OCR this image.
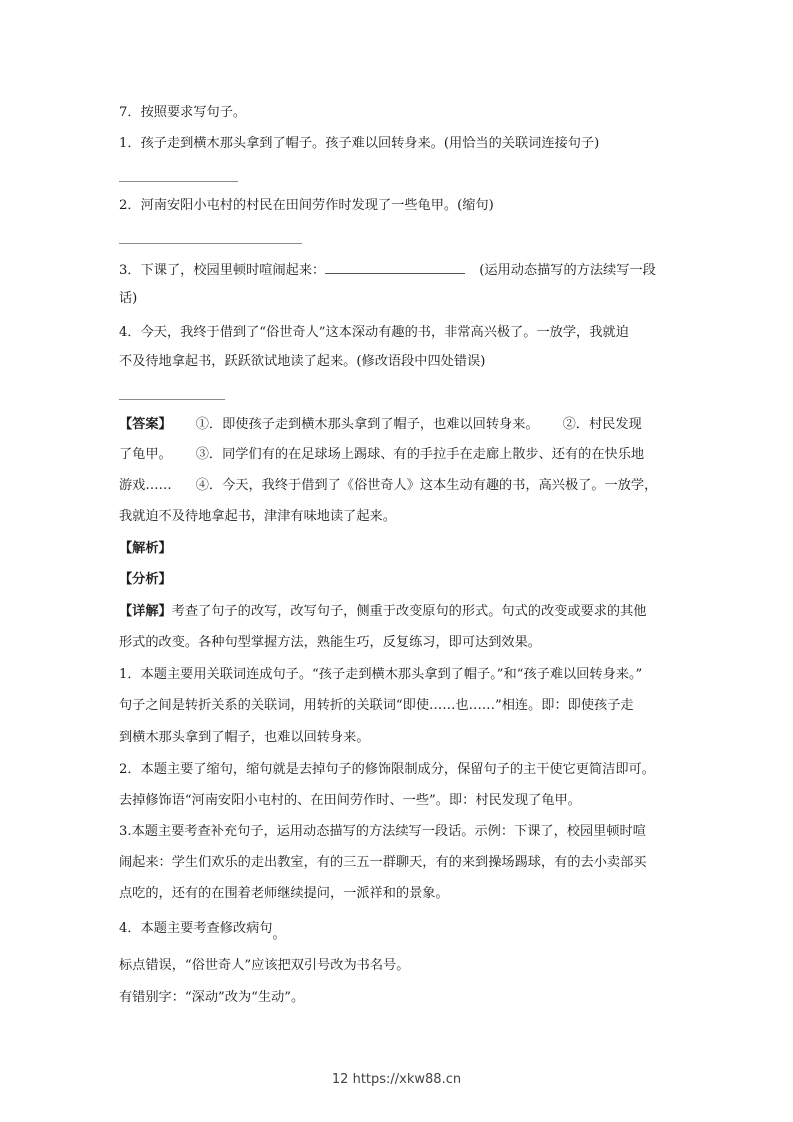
7．按照要求写句子。
1．孩子走到横木那头拿到了帽子。孩子难以回转身来。(用恰当的关联词连接句子)
2．河南安阳小屯村的村民在田间劳作时发现了一些龟甲。(缩句)
3．下课了，校园里顿时喧闹起来：	(运用动态描写的方法续写一段
话)
4．今天，我终于借到了“俗世奇人”这本深动有趣的书，非常高兴极了。一放学，我就迫
不及待地拿起书，跃跃欲试地读了起来。(修改语段中四处错误)
【答案】 ①．即使孩子走到横木那头拿到了帽子，也难以回转身来。 ②．村民发现
了龟甲。 ③．同学们有的在足球场上踢球、有的手拉手在走廊上散步、还有的在快乐地
游戏…… ④．今天，我终于借到了《俗世奇人》这本生动有趣的书，高兴极了。一放学，
我就迫不及待地拿起书，津津有味地读了起来。
【解析】
【分析】
【详解】考查了句子的改写，改写句子，侧重于改变原句的形式。句式的改变或要求的其他
形式的改变。各种句型掌握方法，熟能生巧，反复练习，即可达到效果。
1．本题主要用关联词连成句子。“孩子走到横木那头拿到了帽子。”和“孩子难以回转身来。”
句子之间是转折关系的关联词，用转折的关联词“即使……也……”相连。即：即使孩子走
到横木那头拿到了帽子，也难以回转身来。
2．本题主要了缩句，缩句就是去掉句子的修饰限制成分，保留句子的主干使它更简洁即可。
去掉修饰语“河南安阳小屯村的、在田间劳作时、一些”。即：村民发现了龟甲。
3.本题主要考查补充句子，运用动态描写的方法续写一段话。示例：下课了，校园里顿时喧
闹起来：学生们欢乐的走出教室，有的三五一群聊天，有的来到操场踢球，有的去小卖部买
点吃的，还有的在围着老师继续提问，一派祥和的景象。
4．本题主要考查修改病句。
标点错误，“俗世奇人”应该把双引号改为书名号。
有错别字：“深动”改为“生动”。
12 https://xkw88.cn
